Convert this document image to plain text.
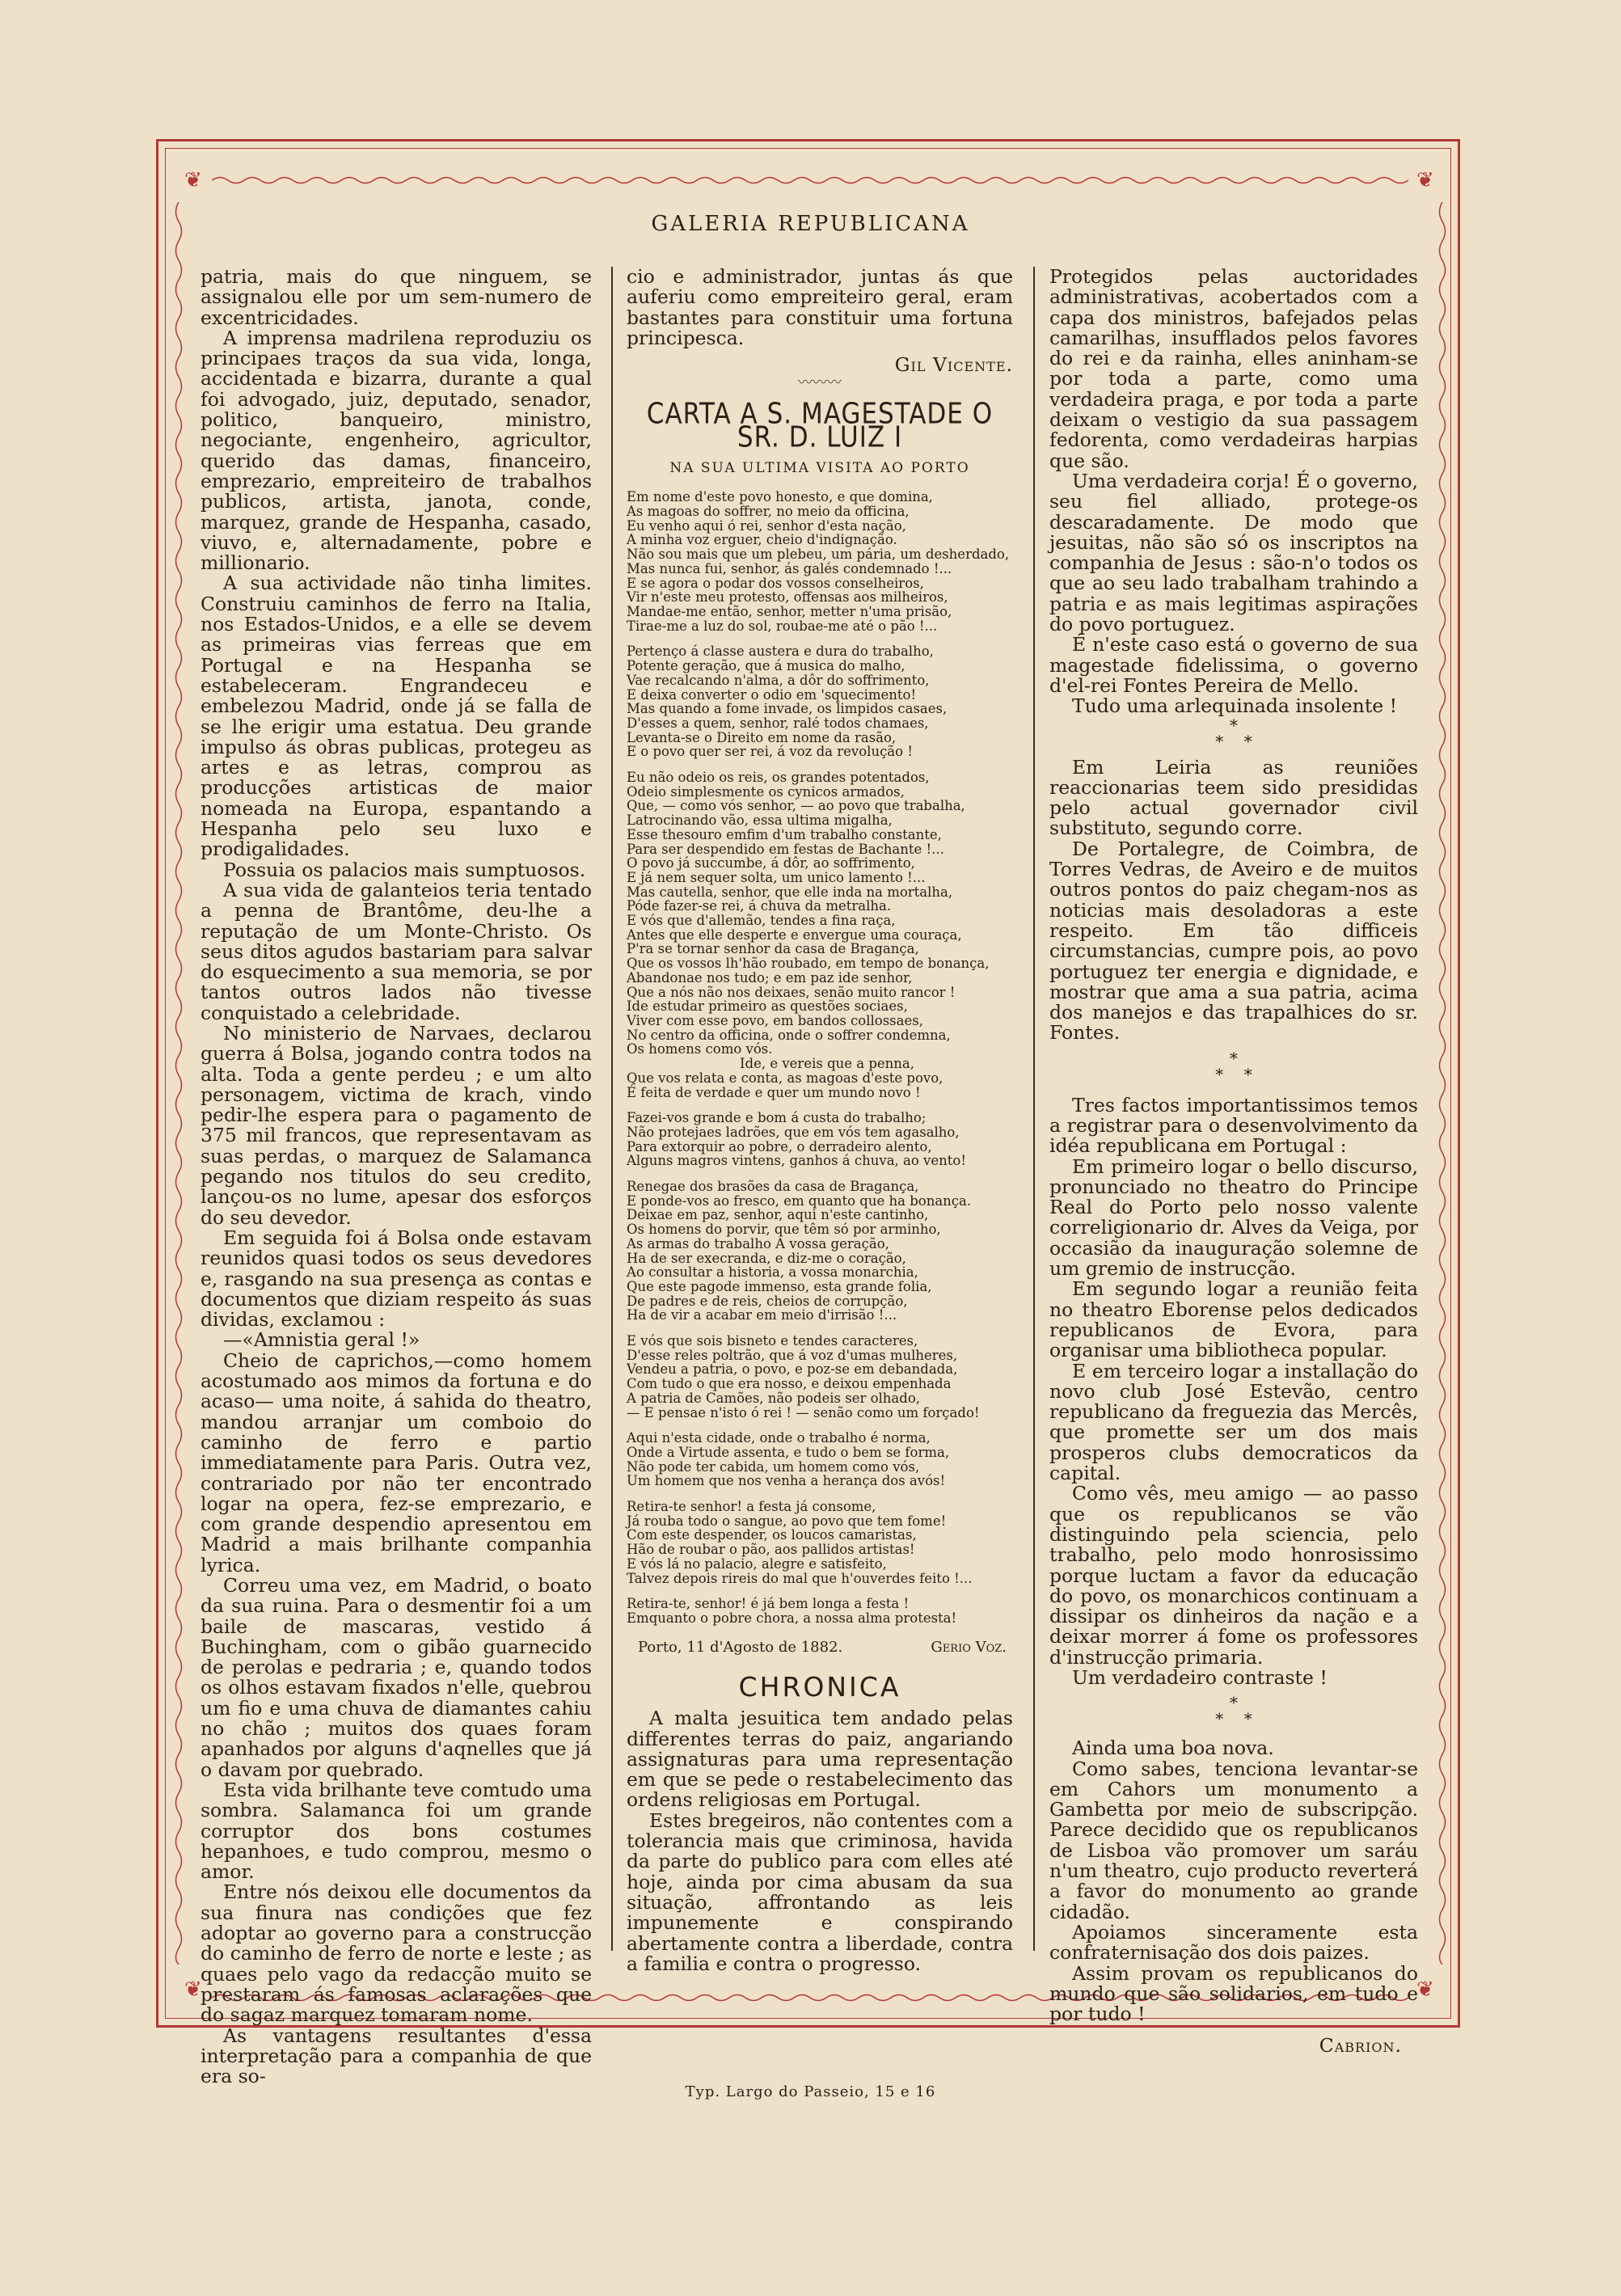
❦	❦
❦	❦
GALERIA REPUBLICANA

patria, mais do que ninguem, se assignalou elle por um sem-numero de excentricidades.

A imprensa madrilena reproduziu os principaes traços da sua vida, longa, accidentada e bizarra, durante a qual foi advogado, juiz, deputado, senador, politico, banqueiro, ministro, negociante, engenheiro, agricultor, querido das damas, financeiro, emprezario, empreiteiro de trabalhos publicos, artista, janota, conde, marquez, grande de Hespanha, casado, viuvo, e, alternadamente, pobre e millionario.

A sua actividade não tinha limites. Construiu caminhos de ferro na Italia, nos Estados-Unidos, e a elle se devem as primeiras vias ferreas que em Portugal e na Hespanha se estabeleceram. Engrandeceu e embelezou Madrid, onde já se falla de se lhe erigir uma estatua. Deu grande impulso ás obras publicas, protegeu as artes e as letras, comprou as producções artisticas de maior nomeada na Europa, espantando a Hespanha pelo seu luxo e prodigalidades.

Possuia os palacios mais sumptuosos.

A sua vida de galanteios teria tentado a penna de Brantôme, deu-lhe a reputação de um Monte-Christo. Os seus ditos agudos bastariam para salvar do esquecimento a sua memoria, se por tantos outros lados não tivesse conquistado a celebridade.

No ministerio de Narvaes, declarou guerra á Bolsa, jogando contra todos na alta. Toda a gente perdeu ; e um alto personagem, victima de krach, vindo pedir-lhe espera para o pagamento de 375 mil francos, que representavam as suas perdas, o marquez de Salamanca pegando nos titulos do seu credito, lançou-os no lume, apesar dos esforços do seu devedor.

Em seguida foi á Bolsa onde estavam reunidos quasi todos os seus devedores e, rasgando na sua presença as contas e documentos que diziam respeito ás suas dividas, exclamou :

—«Amnistia geral !»

Cheio de caprichos,—como homem acostumado aos mimos da fortuna e do acaso— uma noite, á sahida do theatro, mandou arranjar um comboio do caminho de ferro e partio immediatamente para Paris. Outra vez, contrariado por não ter encontrado logar na opera, fez-se emprezario, e com grande despendio apresentou em Madrid a mais brilhante companhia lyrica.

Correu uma vez, em Madrid, o boato da sua ruina. Para o desmentir foi a um baile de mascaras, vestido á Buchingham, com o gibão guarnecido de perolas e pedraria ; e, quando todos os olhos estavam fixados n'elle, quebrou um fio e uma chuva de diamantes cahiu no chão ; muitos dos quaes foram apanhados por alguns d'aqnelles que já o davam por quebrado.

Esta vida brilhante teve comtudo uma sombra. Salamanca foi um grande corruptor dos bons costumes hepanhoes, e tudo comprou, mesmo o amor.

Entre nós deixou elle documentos da sua finura nas condições que fez adoptar ao governo para a construcção do caminho de ferro de norte e leste ; as quaes pelo vago da redacção muito se prestaram ás famosas aclarações que do sagaz marquez tomaram nome.

As vantagens resultantes d'essa interpretação para a companhia de que era so-

cio e administrador, juntas ás que auferiu como empreiteiro geral, eram bastantes para constituir uma fortuna principesca.

Gil Vicente.
〰〰〰
CARTA A S. MAGESTADE O SR. D. LUIZ I
NA SUA ULTIMA VISITA AO PORTO
Em nome d'este povo honesto, e que domina,
As magoas do soffrer, no meio da officina,
Eu venho aqui ó rei, senhor d'esta nação,
A minha voz erguer, cheio d'indignação.
Não sou mais que um plebeu, um pária, um desherdado,
Mas nunca fui, senhor, ás galés condemnado !...
E se agora o podar dos vossos conselheiros,
Vir n'este meu protesto, offensas aos milheiros,
Mandae-me então, senhor, metter n'uma prisão,
Tirae-me a luz do sol, roubae-me até o pão !...
Pertenço á classe austera e dura do trabalho,
Potente geração, que á musica do malho,
Vae recalcando n'alma, a dôr do soffrimento,
E deixa converter o odio em 'squecimento!
Mas quando a fome invade, os limpidos casaes,
D'esses a quem, senhor, ralé todos chamaes,
Levanta-se o Direito em nome da rasão,
E o povo quer ser rei, á voz da revolução !
Eu não odeio os reis, os grandes potentados,
Odeio simplesmente os cynicos armados,
Que, — como vós senhor, — ao povo que trabalha,
Latrocinando vão, essa ultima migalha,
Esse thesouro emfim d'um trabalho constante,
Para ser despendido em festas de Bachante !...
O povo já succumbe, á dôr, ao soffrimento,
E já nem sequer solta, um unico lamento !...
Mas cautella, senhor, que elle inda na mortalha,
Póde fazer-se rei, á chuva da metralha.
E vós que d'allemão, tendes a fina raça,
Antes que elle desperte e envergue uma couraça,
P'ra se tornar senhor da casa de Bragança,
Que os vossos lh'hão roubado, em tempo de bonança,
Abandonae nos tudo; e em paz ide senhor,
Que a nós não nos deixaes, senão muito rancor !
Ide estudar primeiro as questões sociaes,
Viver com esse povo, em bandos collossaes,
No centro da officina, onde o soffrer condemna,
Os homens como vós.
Ide, e vereis que a penna,
Que vos relata e conta, as magoas d'este povo,
É feita de verdade e quer um mundo novo !
Fazei-vos grande e bom á custa do trabalho;
Não protejaes ladrões, que em vós tem agasalho,
Para extorquir ao pobre, o derradeiro alento,
Alguns magros vintens, ganhos á chuva, ao vento!
Renegae dos brasões da casa de Bragança,
E ponde-vos ao fresco, em quanto que ha bonança.
Deixae em paz, senhor, aqui n'este cantinho,
Os homens do porvir, que têm só por arminho,
As armas do trabalho A vossa geração,
Ha de ser execranda, e diz-me o coração,
Ao consultar a historia, a vossa monarchia,
Que este pagode immenso, esta grande folia,
De padres e de reis, cheios de corrupção,
Ha de vir a acabar em meio d'irrisão !...
E vós que sois bisneto e tendes caracteres,
D'esse reles poltrão, que á voz d'umas mulheres,
Vendeu a patria, o povo, e poz-se em debandada,
Com tudo o que era nosso, e deixou empenhada
A patria de Camões, não podeis ser olhado,
— E pensae n'isto ó rei ! — senão como um forçado!
Aqui n'esta cidade, onde o trabalho é norma,
Onde a Virtude assenta, e tudo o bem se forma,
Não pode ter cabida, um homem como vós,
Um homem que nos venha a herança dos avós!
Retira-te senhor! a festa já consome,
Já rouba todo o sangue, ao povo que tem fome!
Com este despender, os loucos camaristas,
Hão de roubar o pão, aos pallidos artistas!
E vós lá no palacio, alegre e satisfeito,
Talvez depois rireis do mal que h'ouverdes feito !...
Retira-te, senhor! é já bem longa a festa !
Emquanto o pobre chora, a nossa alma protesta!
Porto, 11 d'Agosto de 1882.	Gerio Voz.
CHRONICA

A malta jesuitica tem andado pelas differentes terras do paiz, angariando assignaturas para uma representação em que se pede o restabelecimento das ordens religiosas em Portugal.

Estes bregeiros, não contentes com a tolerancia mais que criminosa, havida da parte do publico para com elles até hoje, ainda por cima abusam da sua situação, affrontando as leis impunemente e conspirando abertamente contra a liberdade, contra a familia e contra o progresso.

Protegidos pelas auctoridades administrativas, acobertados com a capa dos ministros, bafejados pelas camarilhas, insufflados pelos favores do rei e da rainha, elles aninham-se por toda a parte, como uma verdadeira praga, e por toda a parte deixam o vestigio da sua passagem fedorenta, como verdadeiras harpias que são.

Uma verdadeira corja! É o governo, seu fiel alliado, protege-os descaradamente. De modo que jesuitas, não são só os inscriptos na companhia de Jesus : são-n'o todos os que ao seu lado trabalham trahindo a patria e as mais legitimas aspirações do povo portuguez.

É n'este caso está o governo de sua magestade fidelissima, o governo d'el-rei Fontes Pereira de Mello.

Tudo uma arlequinada insolente !

*
*    *

Em Leiria as reuniões reaccionarias teem sido presididas pelo actual governador civil substituto, segundo corre.

De Portalegre, de Coimbra, de Torres Vedras, de Aveiro e de muitos outros pontos do paiz chegam-nos as noticias mais desoladoras a este respeito. Em tão difficeis circumstancias, cumpre pois, ao povo portuguez ter energia e dignidade, e mostrar que ama a sua patria, acima dos manejos e das trapalhices do sr. Fontes.

*
*    *

Tres factos importantissimos temos a registrar para o desenvolvimento da idéa republicana em Portugal :

Em primeiro logar o bello discurso, pronunciado no theatro do Principe Real do Porto pelo nosso valente correligionario dr. Alves da Veiga, por occasião da inauguração solemne de um gremio de instrucção.

Em segundo logar a reunião feita no theatro Eborense pelos dedicados republicanos de Evora, para organisar uma bibliotheca popular.

E em terceiro logar a installação do novo club José Estevão, centro republicano da freguezia das Mercês, que promette ser um dos mais prosperos clubs democraticos da capital.

Como vês, meu amigo — ao passo que os republicanos se vão distinguindo pela sciencia, pelo trabalho, pelo modo honrosissimo porque luctam a favor da educação do povo, os monarchicos continuam a dissipar os dinheiros da nação e a deixar morrer á fome os professores d'instrucção primaria.

Um verdadeiro contraste !

*
*    *

Ainda uma boa nova.

Como sabes, tenciona levantar-se em Cahors um monumento a Gambetta por meio de subscripção. Parece decidido que os republicanos de Lisboa vão promover um saráu n'um theatro, cujo producto reverterá a favor do monumento ao grande cidadão.

Apoiamos sinceramente esta confraternisação dos dois paizes.

Assim provam os republicanos do mundo que são solidarios, em tudo e por tudo !

Cabrion.
Typ. Largo do Passeio, 15 e 16
